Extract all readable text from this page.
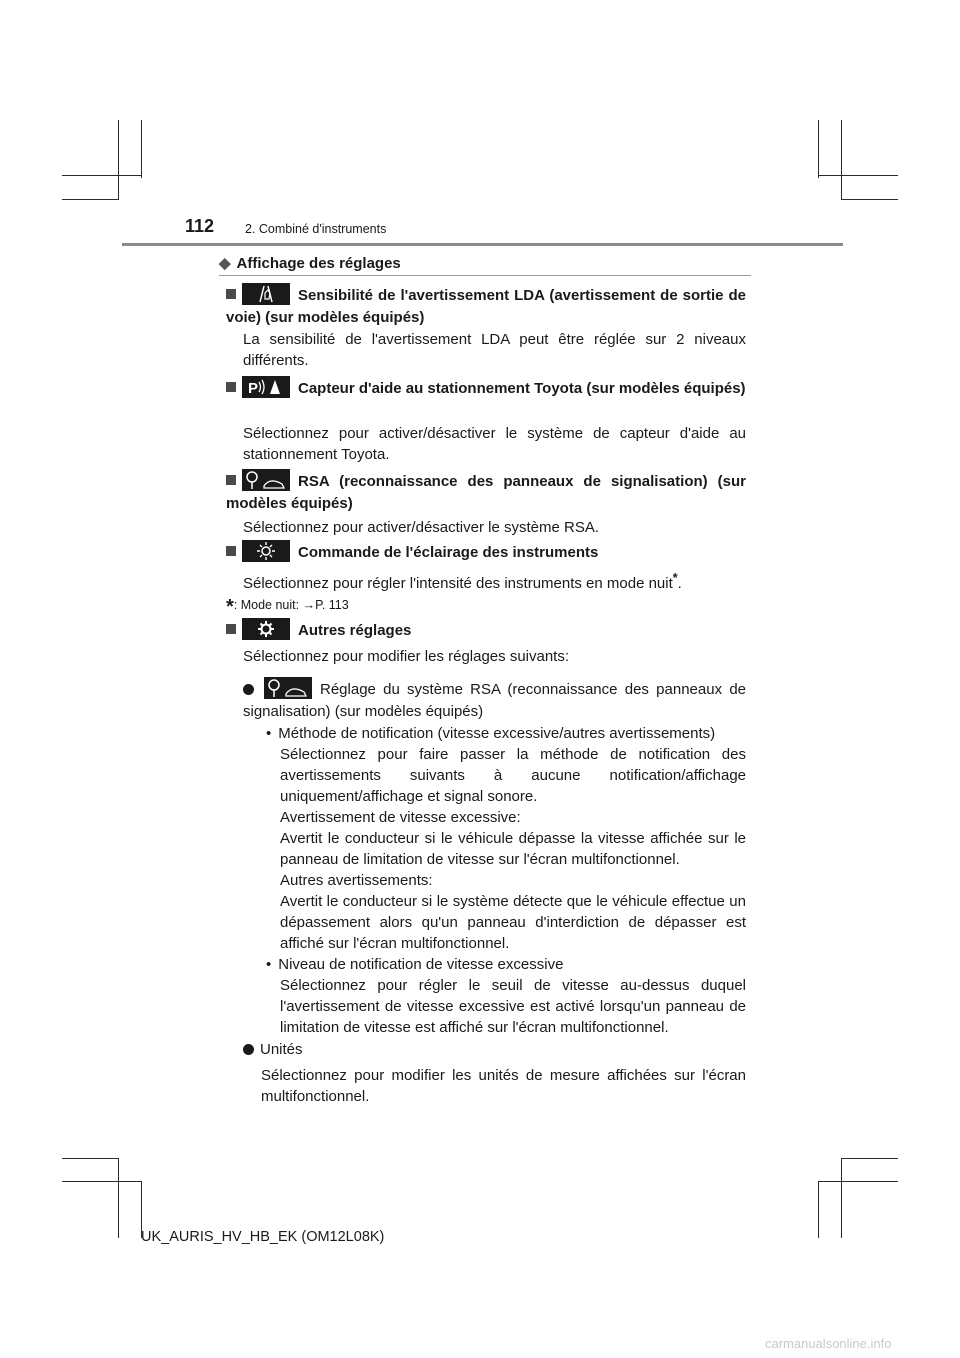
112 2. Combiné d'instruments
◆ Affichage des réglages
Sensibilité de l'avertissement LDA (avertissement de sortie de voie) (sur modèles équipés)
La sensibilité de l'avertissement LDA peut être réglée sur 2 niveaux différents.
P	Capteur d'aide au stationnement Toyota (sur modèles équipés)
Sélectionnez pour activer/désactiver le système de capteur d'aide au stationnement Toyota.
RSA (reconnaissance des panneaux de signalisation) (sur modèles équipés)
Sélectionnez pour activer/désactiver le système RSA.
Commande de l'éclairage des instruments
Sélectionnez pour régler l'intensité des instruments en mode nuit*.
*: Mode nuit: →P. 113
Autres réglages
Sélectionnez pour modifier les réglages suivants:
Réglage du système RSA (reconnaissance des panneaux de signalisation) (sur modèles équipés)
• Méthode de notification (vitesse excessive/autres avertissements)
Sélectionnez pour faire passer la méthode de notification des avertissements suivants à aucune notification/affichage uniquement/affichage et signal sonore.
Avertissement de vitesse excessive:
Avertit le conducteur si le véhicule dépasse la vitesse affichée sur le panneau de limitation de vitesse sur l'écran multifonctionnel.
Autres avertissements:
Avertit le conducteur si le système détecte que le véhicule effectue un dépassement alors qu'un panneau d'interdiction de dépasser est affiché sur l'écran multifonctionnel.
• Niveau de notification de vitesse excessive
Sélectionnez pour régler le seuil de vitesse au-dessus duquel l'avertissement de vitesse excessive est activé lorsqu'un panneau de limitation de vitesse est affiché sur l'écran multifonctionnel.
Unités
Sélectionnez pour modifier les unités de mesure affichées sur l'écran multifonctionnel.
UK_AURIS_HV_HB_EK (OM12L08K)
carmanualsonline.info
